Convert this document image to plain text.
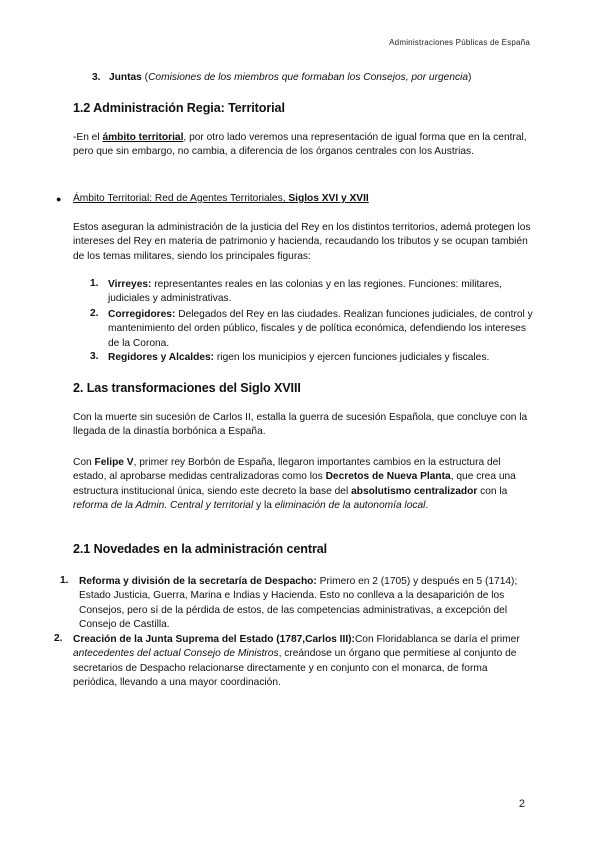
Administraciones Públicas de España
3. Juntas (Comisiones de los miembros que formaban los Consejos, por urgencia)
1.2 Administración Regia: Territorial
-En el ámbito territorial, por otro lado veremos una representación de igual forma que en la central, pero que sin embargo, no cambia, a diferencia de los órganos centrales con los Austrias.
● Ámbito Territorial: Red de Agentes Territoriales, Siglos XVI y XVII
Estos aseguran la administración de la justicia del Rey en los distintos territorios, ademá protegen los intereses del Rey en materia de patrimonio y hacienda, recaudando los tributos y se ocupan también de los temas militares, siendo los principales figuras:
1. Virreyes: representantes reales en las colonias y en las regiones. Funciones: militares, judiciales y administrativas.
2. Corregidores: Delegados del Rey en las ciudades. Realizan funciones judiciales, de control y mantenimiento del orden público, fiscales y de política económica, defendiendo los intereses de la Corona.
3. Regidores y Alcaldes: rigen los municipios y ejercen funciones judiciales y fiscales.
2. Las transformaciones del Siglo XVIII
Con la muerte sin sucesión de Carlos II, estalla la guerra de sucesión Española, que concluye con la llegada de la dinastía borbónica a España.
Con Felipe V, primer rey Borbón de España, llegaron importantes cambios en la estructura del estado, al aprobarse medidas centralizadoras como los Decretos de Nueva Planta, que crea una estructura institucional única, siendo este decreto la base del absolutismo centralizador con la reforma de la Admin. Central y territorial y la eliminación de la autonomía local.
2.1 Novedades en la administración central
1. Reforma y división de la secretaría de Despacho: Primero en 2 (1705) y después en 5 (1714); Estado Justicia, Guerra, Marina e Indias y Hacienda. Esto no conlleva a la desaparición de los Consejos, pero sí de la pérdida de estos, de las competencias administrativas, a excepción del Consejo de Castilla.
2. Creación de la Junta Suprema del Estado (1787,Carlos III):Con Floridablanca se daría el primer antecedentes del actual Consejo de Ministros, creándose un órgano que permitiese al conjunto de secretarios de Despacho relacionarse directamente y en conjunto con el monarca, de forma periódica, llevando a una mayor coordinación.
2
